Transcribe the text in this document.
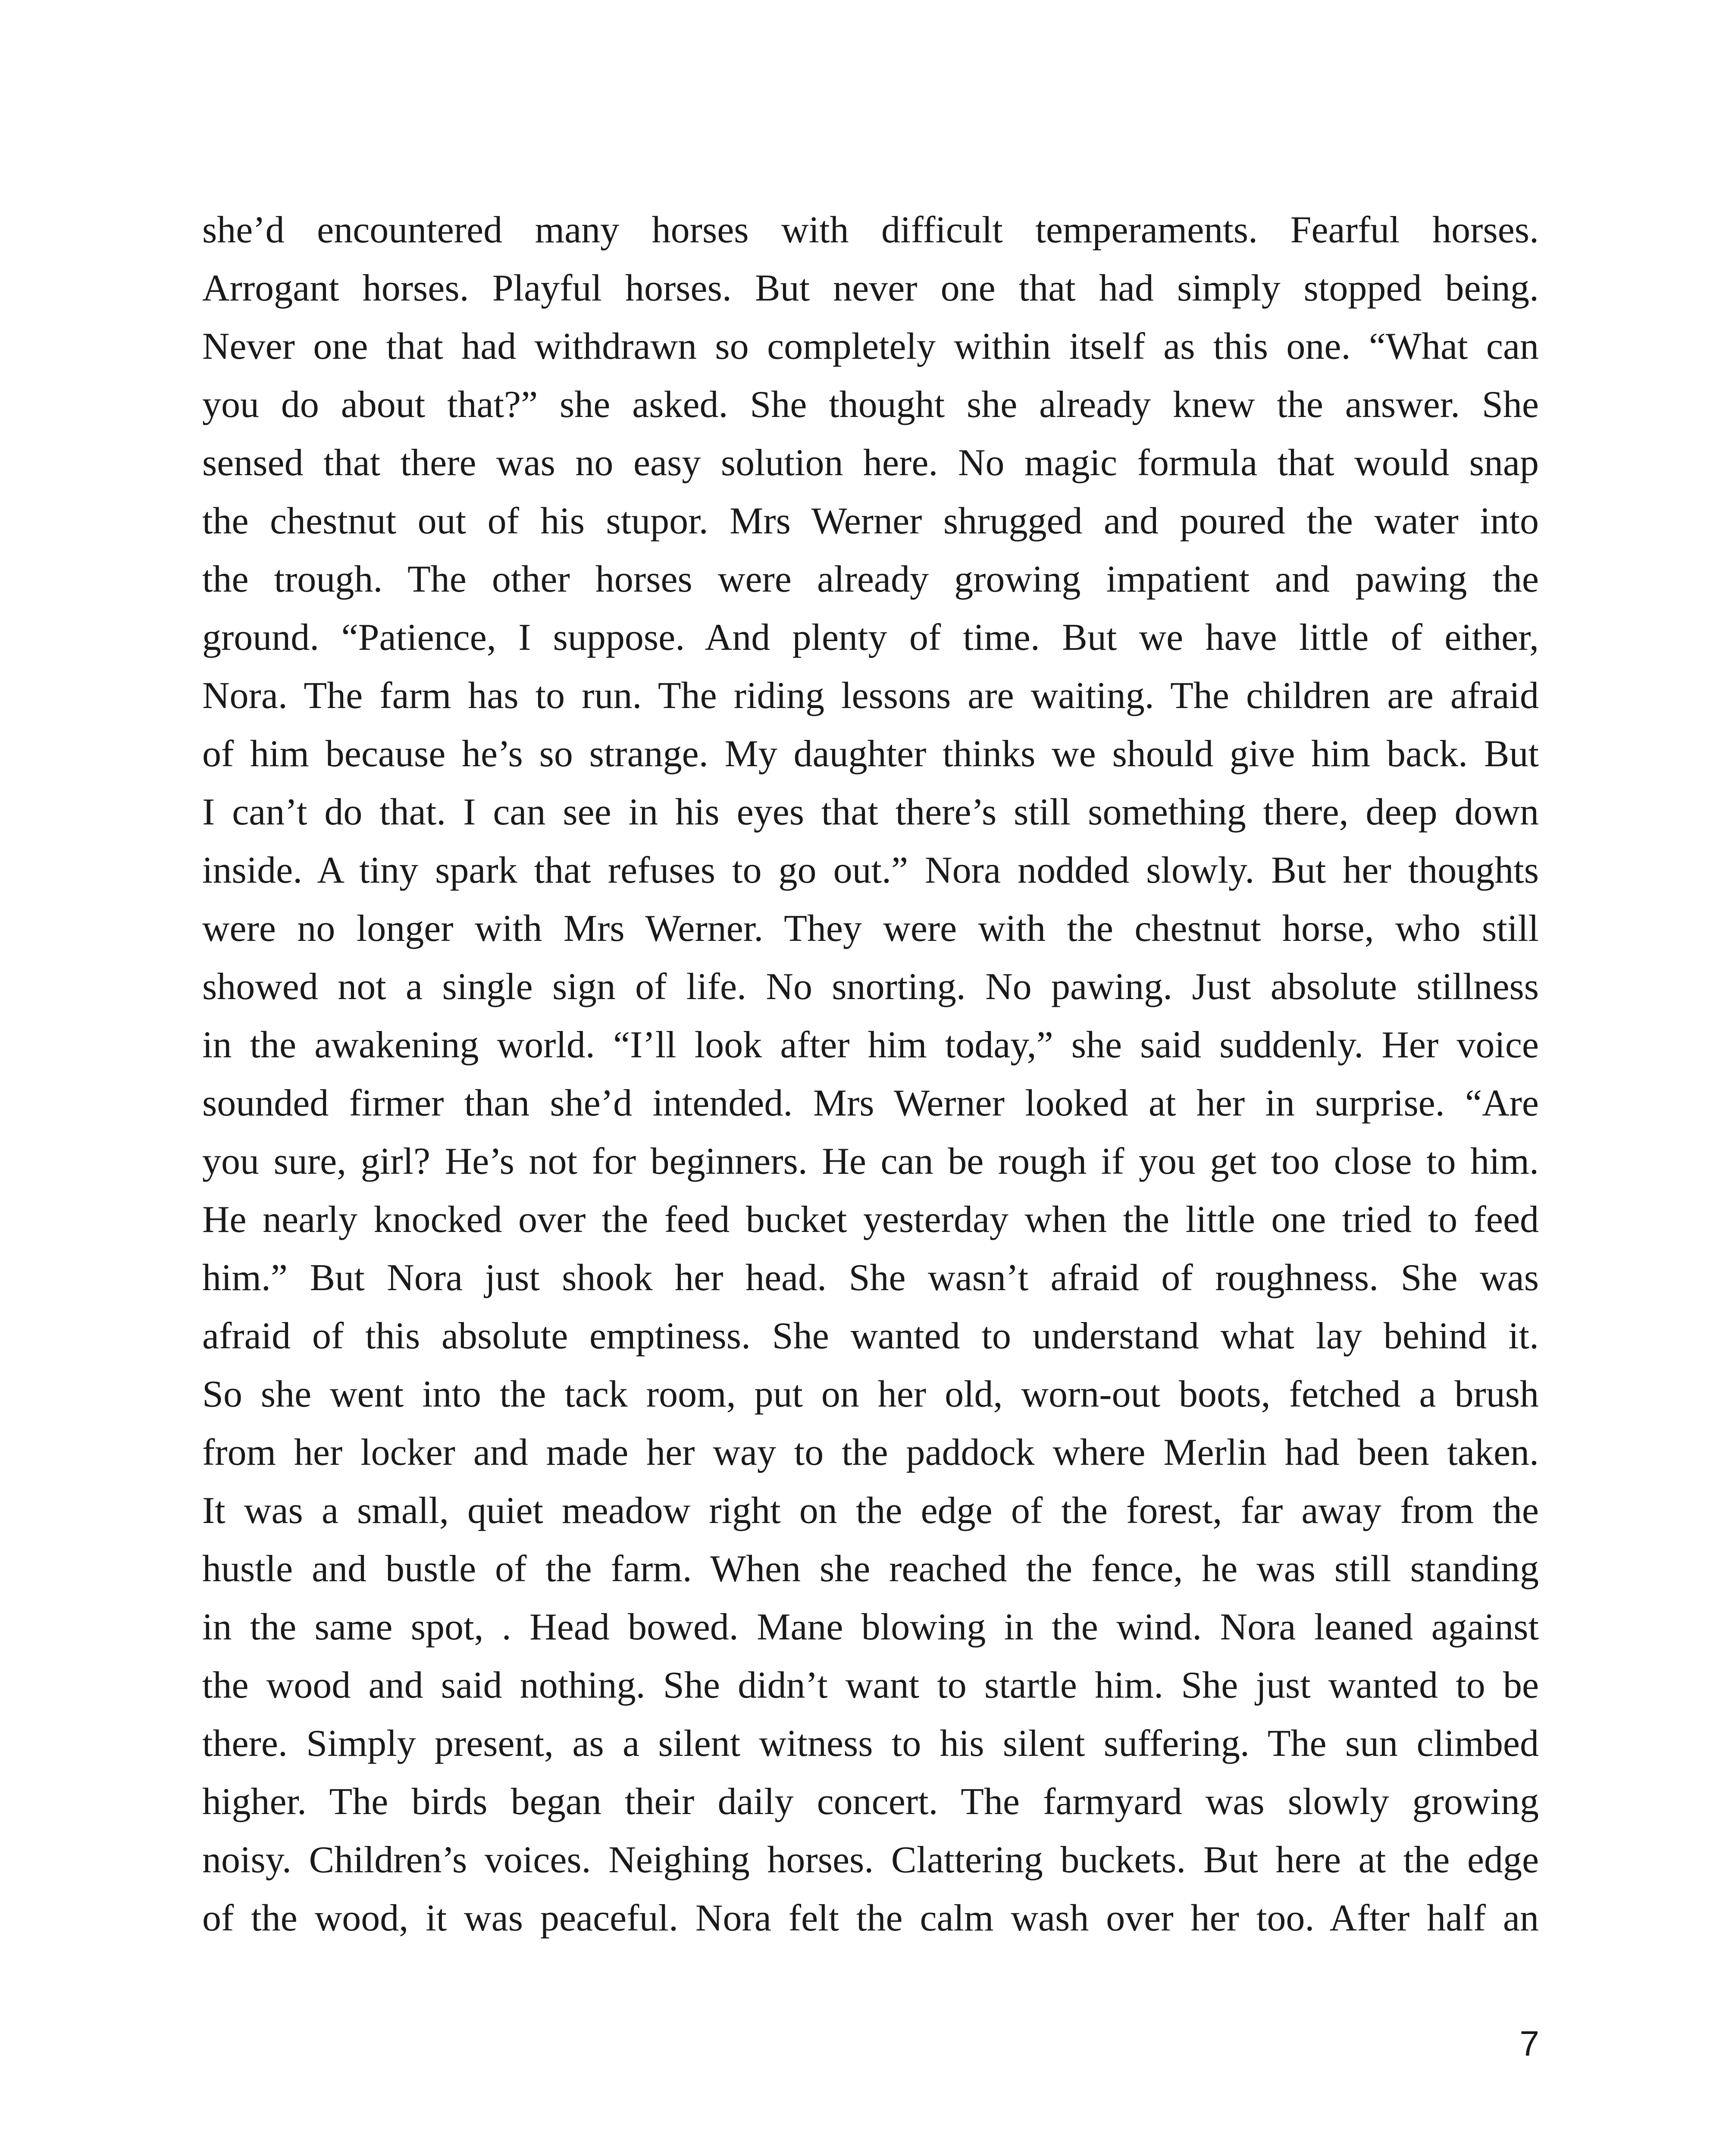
she’d encountered many horses with difficult temperaments. Fearful horses.
Arrogant horses. Playful horses. But never one that had simply stopped being.
Never one that had withdrawn so completely within itself as this one. “What can
you do about that?” she asked. She thought she already knew the answer. She
sensed that there was no easy solution here. No magic formula that would snap
the chestnut out of his stupor. Mrs Werner shrugged and poured the water into
the trough. The other horses were already growing impatient and pawing the
ground. “Patience, I suppose. And plenty of time. But we have little of either,
Nora. The farm has to run. The riding lessons are waiting. The children are afraid
of him because he’s so strange. My daughter thinks we should give him back. But
I can’t do that. I can see in his eyes that there’s still something there, deep down
inside. A tiny spark that refuses to go out.” Nora nodded slowly. But her thoughts
were no longer with Mrs Werner. They were with the chestnut horse, who still
showed not a single sign of life. No snorting. No pawing. Just absolute stillness
in the awakening world. “I’ll look after him today,” she said suddenly. Her voice
sounded firmer than she’d intended. Mrs Werner looked at her in surprise. “Are
you sure, girl? He’s not for beginners. He can be rough if you get too close to him.
He nearly knocked over the feed bucket yesterday when the little one tried to feed
him.” But Nora just shook her head. She wasn’t afraid of roughness. She was
afraid of this absolute emptiness. She wanted to understand what lay behind it.
So she went into the tack room, put on her old, worn-out boots, fetched a brush
from her locker and made her way to the paddock where Merlin had been taken.
It was a small, quiet meadow right on the edge of the forest, far away from the
hustle and bustle of the farm. When she reached the fence, he was still standing
in the same spot, . Head bowed. Mane blowing in the wind. Nora leaned against
the wood and said nothing. She didn’t want to startle him. She just wanted to be
there. Simply present, as a silent witness to his silent suffering. The sun climbed
higher. The birds began their daily concert. The farmyard was slowly growing
noisy. Children’s voices. Neighing horses. Clattering buckets. But here at the edge
of the wood, it was peaceful. Nora felt the calm wash over her too. After half an
7
